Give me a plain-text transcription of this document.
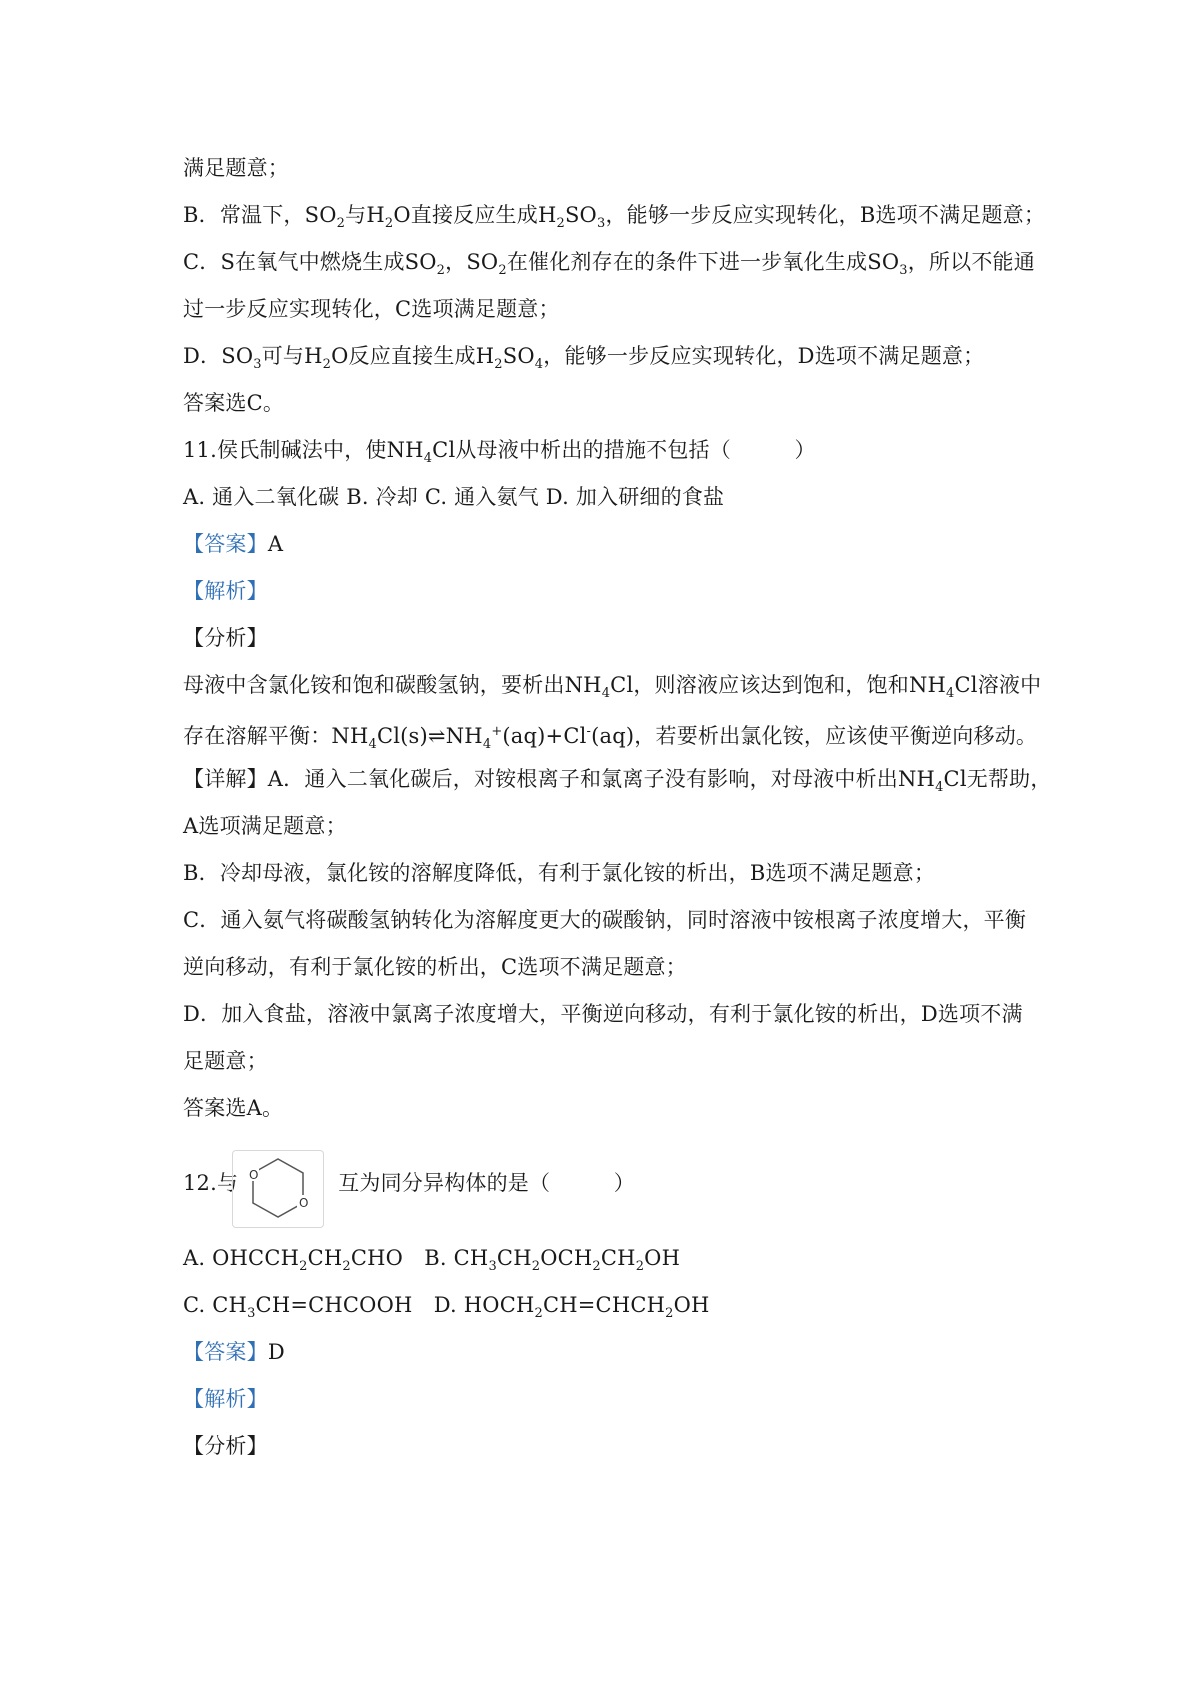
满足题意；
B．常温下，$SO_2$与$H_2O$直接反应生成$H_2SO_3$，能够一步反应实现转化，B选项不满足题意；
C．S在氧气中燃烧生成$SO_2$，$SO_2$在催化剂存在的条件下进一步氧化生成$SO_3$，所以不能通
过一步反应实现转化，C选项满足题意；
D．$SO_3$可与$H_2O$反应直接生成$H_2SO_4$，能够一步反应实现转化，D选项不满足题意；
答案选C。
11.侯氏制碱法中，使$NH_4Cl$从母液中析出的措施不包括（　　　）
A. 通入二氧化碳 B. 冷却 C. 通入氨气 D. 加入研细的食盐
【答案】A
【解析】
【分析】
母液中含氯化铵和饱和碳酸氢钠，要析出$NH_4Cl$，则溶液应该达到饱和，饱和$NH_4Cl$溶液中
存在溶解平衡：$NH_4Cl(s)\rightleftharpoons NH_4^+(aq)+Cl^-(aq)$，若要析出氯化铵，应该使平衡逆向移动。
【详解】A．通入二氧化碳后，对铵根离子和氯离子没有影响，对母液中析出$NH_4Cl$无帮助，
A选项满足题意；
B．冷却母液，氯化铵的溶解度降低，有利于氯化铵的析出，B选项不满足题意；
C．通入氨气将碳酸氢钠转化为溶解度更大的碳酸钠，同时溶液中铵根离子浓度增大，平衡
逆向移动，有利于氯化铵的析出，C选项不满足题意；
D．加入食盐，溶液中氯离子浓度增大，平衡逆向移动，有利于氯化铵的析出，D选项不满
足题意；
答案选A。
12.与	互为同分异构体的是（　　　）
O
O
A. $OHCCH_2CH_2CHO$　B. $CH_3CH_2OCH_2CH_2OH$
C. $CH_3CH=CHCOOH$　D. $HOCH_2CH=CHCH_2OH$
【答案】D
【解析】
【分析】
